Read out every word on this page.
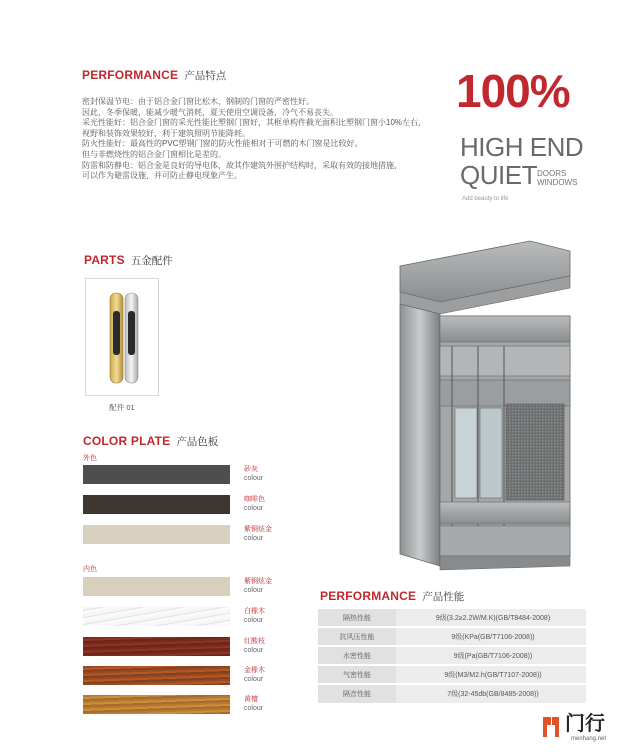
PERFORMANCE 产品特点
密封保温节电：由于铝合金门窗比松木、钢制的门窗的严密性好。
因此，冬季保暖，能减少暖气消耗，夏天使用空调设备，冷气不易丧失。
采光性能好：铝合金门窗的采光性能比塑钢门窗好，其框单构件截光面积比塑钢门窗小10%左右，
视野和装饰效果较好，利于建筑照明节能降耗。
防火性能好：最高性的PVC塑钢门窗的防火性能相对于可燃的木门窗是比较好。
但与非燃烧性的铝合金门窗相比是差的。
防雷和防静电：铝合金是良好的导电体，故其作建筑外围护结构时，采取有效的接地措施，
可以作为避雷设施，并可防止静电现象产生。
100%
HIGH END
QUIET DOORS
WINDOWS
Add beauty to life
PARTS 五金配件
配件 01
COLOR PLATE 产品色板
外色
砂灰
colour
咖啡色
colour
紫铜炫金
colour
内色
紫铜炫金
colour
白橡木
colour
红酸枝
colour
金橡木
colour
黄檀
colour
PERFORMANCE 产品性能
隔热性能	9级(3.2≥2.2W/M.K)(GB/T8484-2008)
抗风压性能	9级(KPa(GB/T7106-2008))
水密性能	9级(Pa(GB/T7106-2008))
气密性能	9级(M3/M2.h(GB/T7107-2008))
隔音性能	7级(32-45db(GB/8485-2008))
门行
menhang.net
